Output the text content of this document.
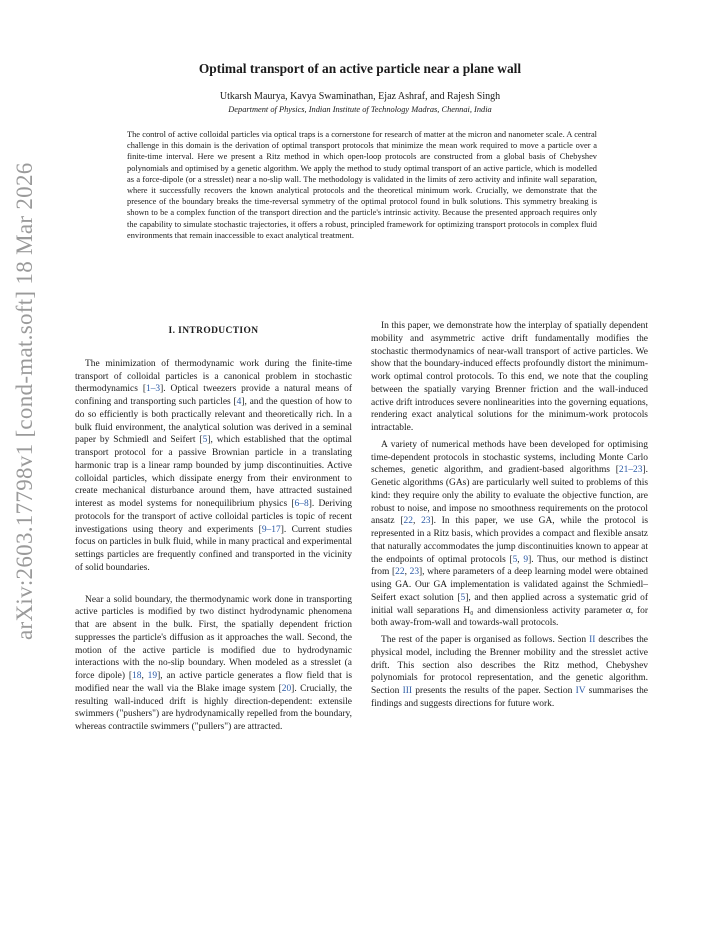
arXiv:2603.17798v1 [cond-mat.soft] 18 Mar 2026
Optimal transport of an active particle near a plane wall
Utkarsh Maurya, Kavya Swaminathan, Ejaz Ashraf, and Rajesh Singh
Department of Physics, Indian Institute of Technology Madras, Chennai, India

The control of active colloidal particles via optical traps is a cornerstone for research of matter at the micron and nanometer scale. A central challenge in this domain is the derivation of optimal transport protocols that minimize the mean work required to move a particle over a finite-time interval. Here we present a Ritz method in which open-loop protocols are constructed from a global basis of Chebyshev polynomials and optimised by a genetic algorithm. We apply the method to study optimal transport of an active particle, which is modelled as a force-dipole (or a stresslet) near a no-slip wall. The methodology is validated in the limits of zero activity and infinite wall separation, where it successfully recovers the known analytical protocols and the theoretical minimum work. Crucially, we demonstrate that the presence of the boundary breaks the time-reversal symmetry of the optimal protocol found in bulk solutions. This symmetry breaking is shown to be a complex function of the transport direction and the particle's intrinsic activity. Because the presented approach requires only the capability to simulate stochastic trajectories, it offers a robust, principled framework for optimizing transport protocols in complex fluid environments that remain inaccessible to exact analytical treatment.

I. INTRODUCTION

The minimization of thermodynamic work during the finite-time transport of colloidal particles is a canonical problem in stochastic thermodynamics [1–3]. Optical tweezers provide a natural means of confining and transporting such particles [4], and the question of how to do so efficiently is both practically relevant and theoretically rich. In a bulk fluid environment, the analytical solution was derived in a seminal paper by Schmiedl and Seifert [5], which established that the optimal transport protocol for a passive Brownian particle in a translating harmonic trap is a linear ramp bounded by jump discontinuities. Active colloidal particles, which dissipate energy from their environment to create mechanical disturbance around them, have attracted sustained interest as model systems for nonequilibrium physics [6–8]. Deriving protocols for the transport of active colloidal particles is topic of recent investigations using theory and experiments [9–17]. Current studies focus on particles in bulk fluid, while in many practical and experimental settings particles are frequently confined and transported in the vicinity of solid boundaries.

Near a solid boundary, the thermodynamic work done in transporting active particles is modified by two distinct hydrodynamic phenomena that are absent in the bulk. First, the spatially dependent friction suppresses the particle's diffusion as it approaches the wall. Second, the motion of the active particle is modified due to hydrodynamic interactions with the no-slip boundary. When modeled as a stresslet (a force dipole) [18, 19], an active particle generates a flow field that is modified near the wall via the Blake image system [20]. Crucially, the resulting wall-induced drift is highly direction-dependent: extensile swimmers ("pushers") are hydrodynamically repelled from the boundary, whereas contractile swimmers ("pullers") are attracted.

In this paper, we demonstrate how the interplay of spatially dependent mobility and asymmetric active drift fundamentally modifies the stochastic thermodynamics of near-wall transport of active particles. We show that the boundary-induced effects profoundly distort the minimum-work optimal control protocols. To this end, we note that the coupling between the spatially varying Brenner friction and the wall-induced active drift introduces severe nonlinearities into the governing equations, rendering exact analytical solutions for the minimum-work protocols intractable.

A variety of numerical methods have been developed for optimising time-dependent protocols in stochastic systems, including Monte Carlo schemes, genetic algorithm, and gradient-based algorithms [21–23]. Genetic algorithms (GAs) are particularly well suited to problems of this kind: they require only the ability to evaluate the objective function, are robust to noise, and impose no smoothness requirements on the protocol ansatz [22, 23]. In this paper, we use GA, while the protocol is represented in a Ritz basis, which provides a compact and flexible ansatz that naturally accommodates the jump discontinuities known to appear at the endpoints of optimal protocols [5, 9]. Thus, our method is distinct from [22, 23], where parameters of a deep learning model were obtained using GA. Our GA implementation is validated against the Schmiedl–Seifert exact solution [5], and then applied across a systematic grid of initial wall separations H₀ and dimensionless activity parameter α, for both away-from-wall and towards-wall protocols.

The rest of the paper is organised as follows. Section II describes the physical model, including the Brenner mobility and the stresslet active drift. This section also describes the Ritz method, Chebyshev polynomials for protocol representation, and the genetic algorithm. Section III presents the results of the paper. Section IV summarises the findings and suggests directions for future work.
